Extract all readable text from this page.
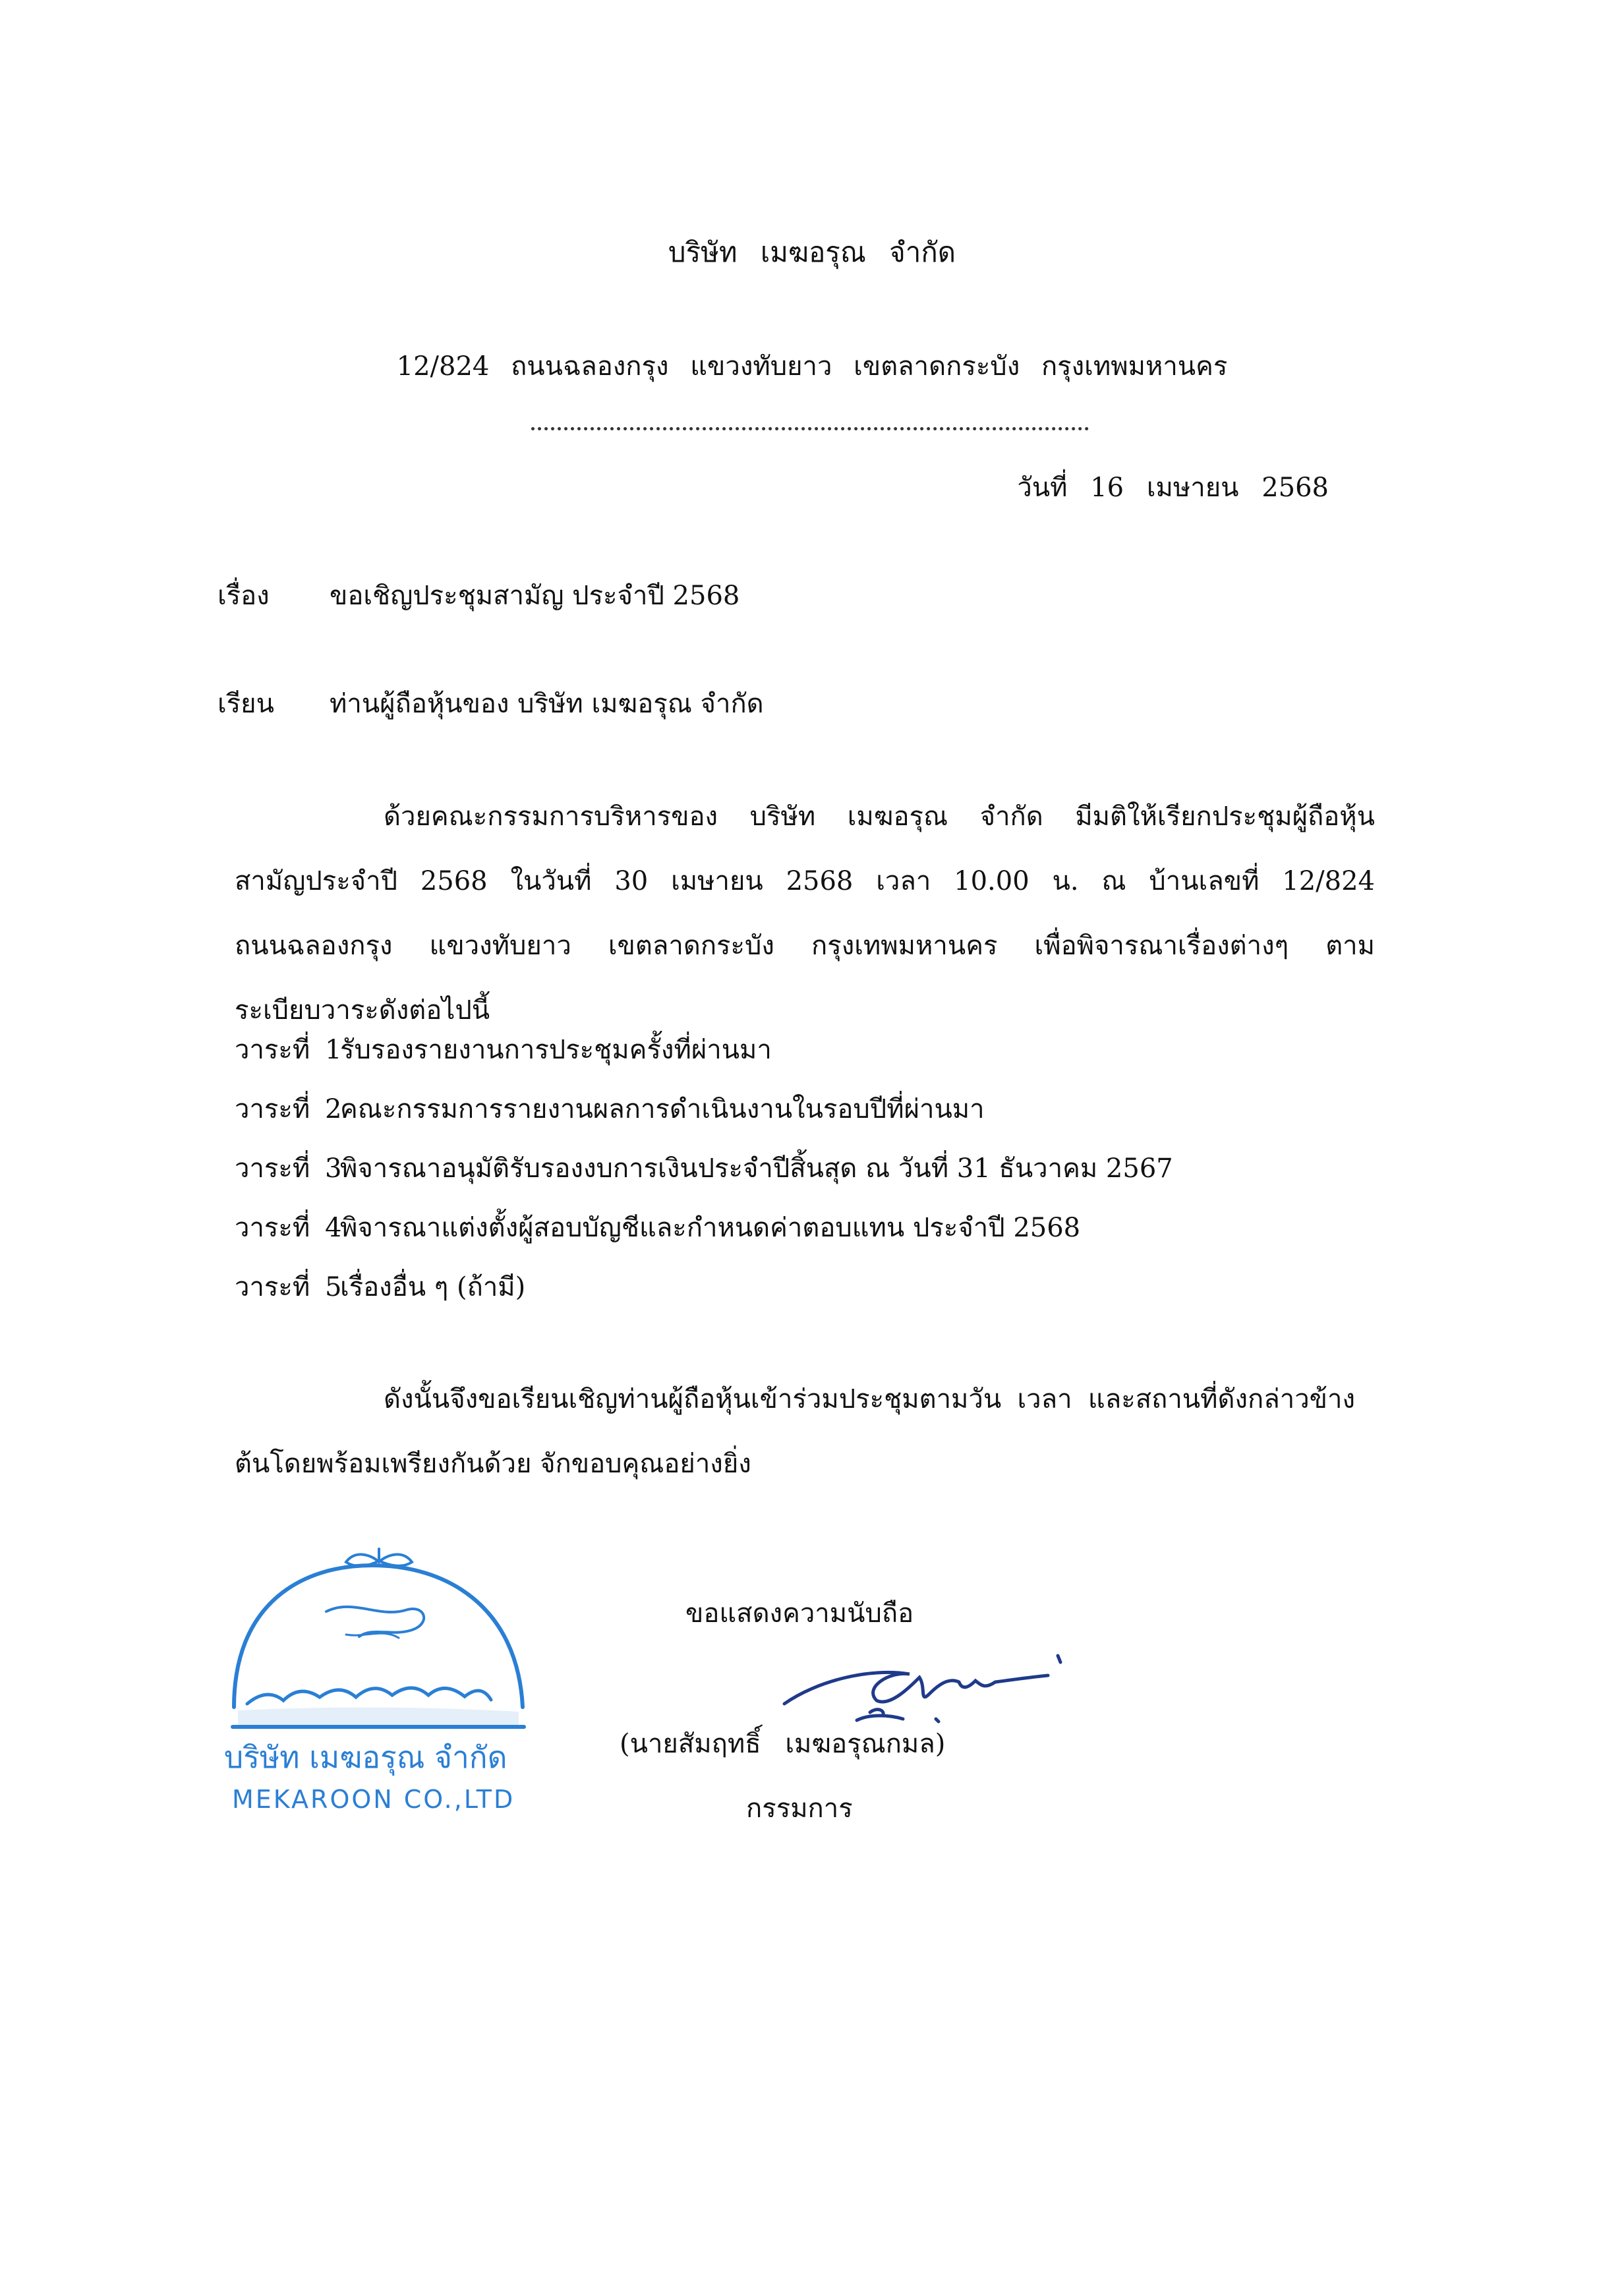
บริษัท เมฆอรุณ จำกัด
12/824 ถนนฉลองกรุง แขวงทับยาว เขตลาดกระบัง กรุงเทพมหานคร
วันที่ 16 เมษายน 2568
เรื่อง ขอเชิญประชุมสามัญ ประจำปี 2568
เรียน ท่านผู้ถือหุ้นของ บริษัท เมฆอรุณ จำกัด
ด้วยคณะกรรมการบริหารของ บริษัท เมฆอรุณ จำกัด มีมติให้เรียกประชุมผู้ถือหุ้นสามัญประจำปี 2568 ในวันที่ 30 เมษายน 2568 เวลา 10.00 น. ณ บ้านเลขที่ 12/824 ถนนฉลองกรุง แขวงทับยาว เขตลาดกระบัง กรุงเทพมหานคร เพื่อพิจารณาเรื่องต่างๆ ตามระเบียบวาระดังต่อไปนี้
วาระที่ 1รับรองรายงานการประชุมครั้งที่ผ่านมา
วาระที่ 2คณะกรรมการรายงานผลการดำเนินงานในรอบปีที่ผ่านมา
วาระที่ 3พิจารณาอนุมัติรับรองงบการเงินประจำปีสิ้นสุด ณ วันที่ 31 ธันวาคม 2567
วาระที่ 4พิจารณาแต่งตั้งผู้สอบบัญชีและกำหนดค่าตอบแทน ประจำปี 2568
วาระที่ 5เรื่องอื่น ๆ (ถ้ามี)
ดังนั้นจึงขอเรียนเชิญท่านผู้ถือหุ้นเข้าร่วมประชุมตามวัน เวลา และสถานที่ดังกล่าวข้างต้นโดยพร้อมเพรียงกันด้วย จักขอบคุณอย่างยิ่ง
บริษัท เมฆอรุณ จำกัด
MEKAROON CO.,LTD
ขอแสดงความนับถือ
(นายสัมฤทธิ์ เมฆอรุณกมล)
กรรมการ
